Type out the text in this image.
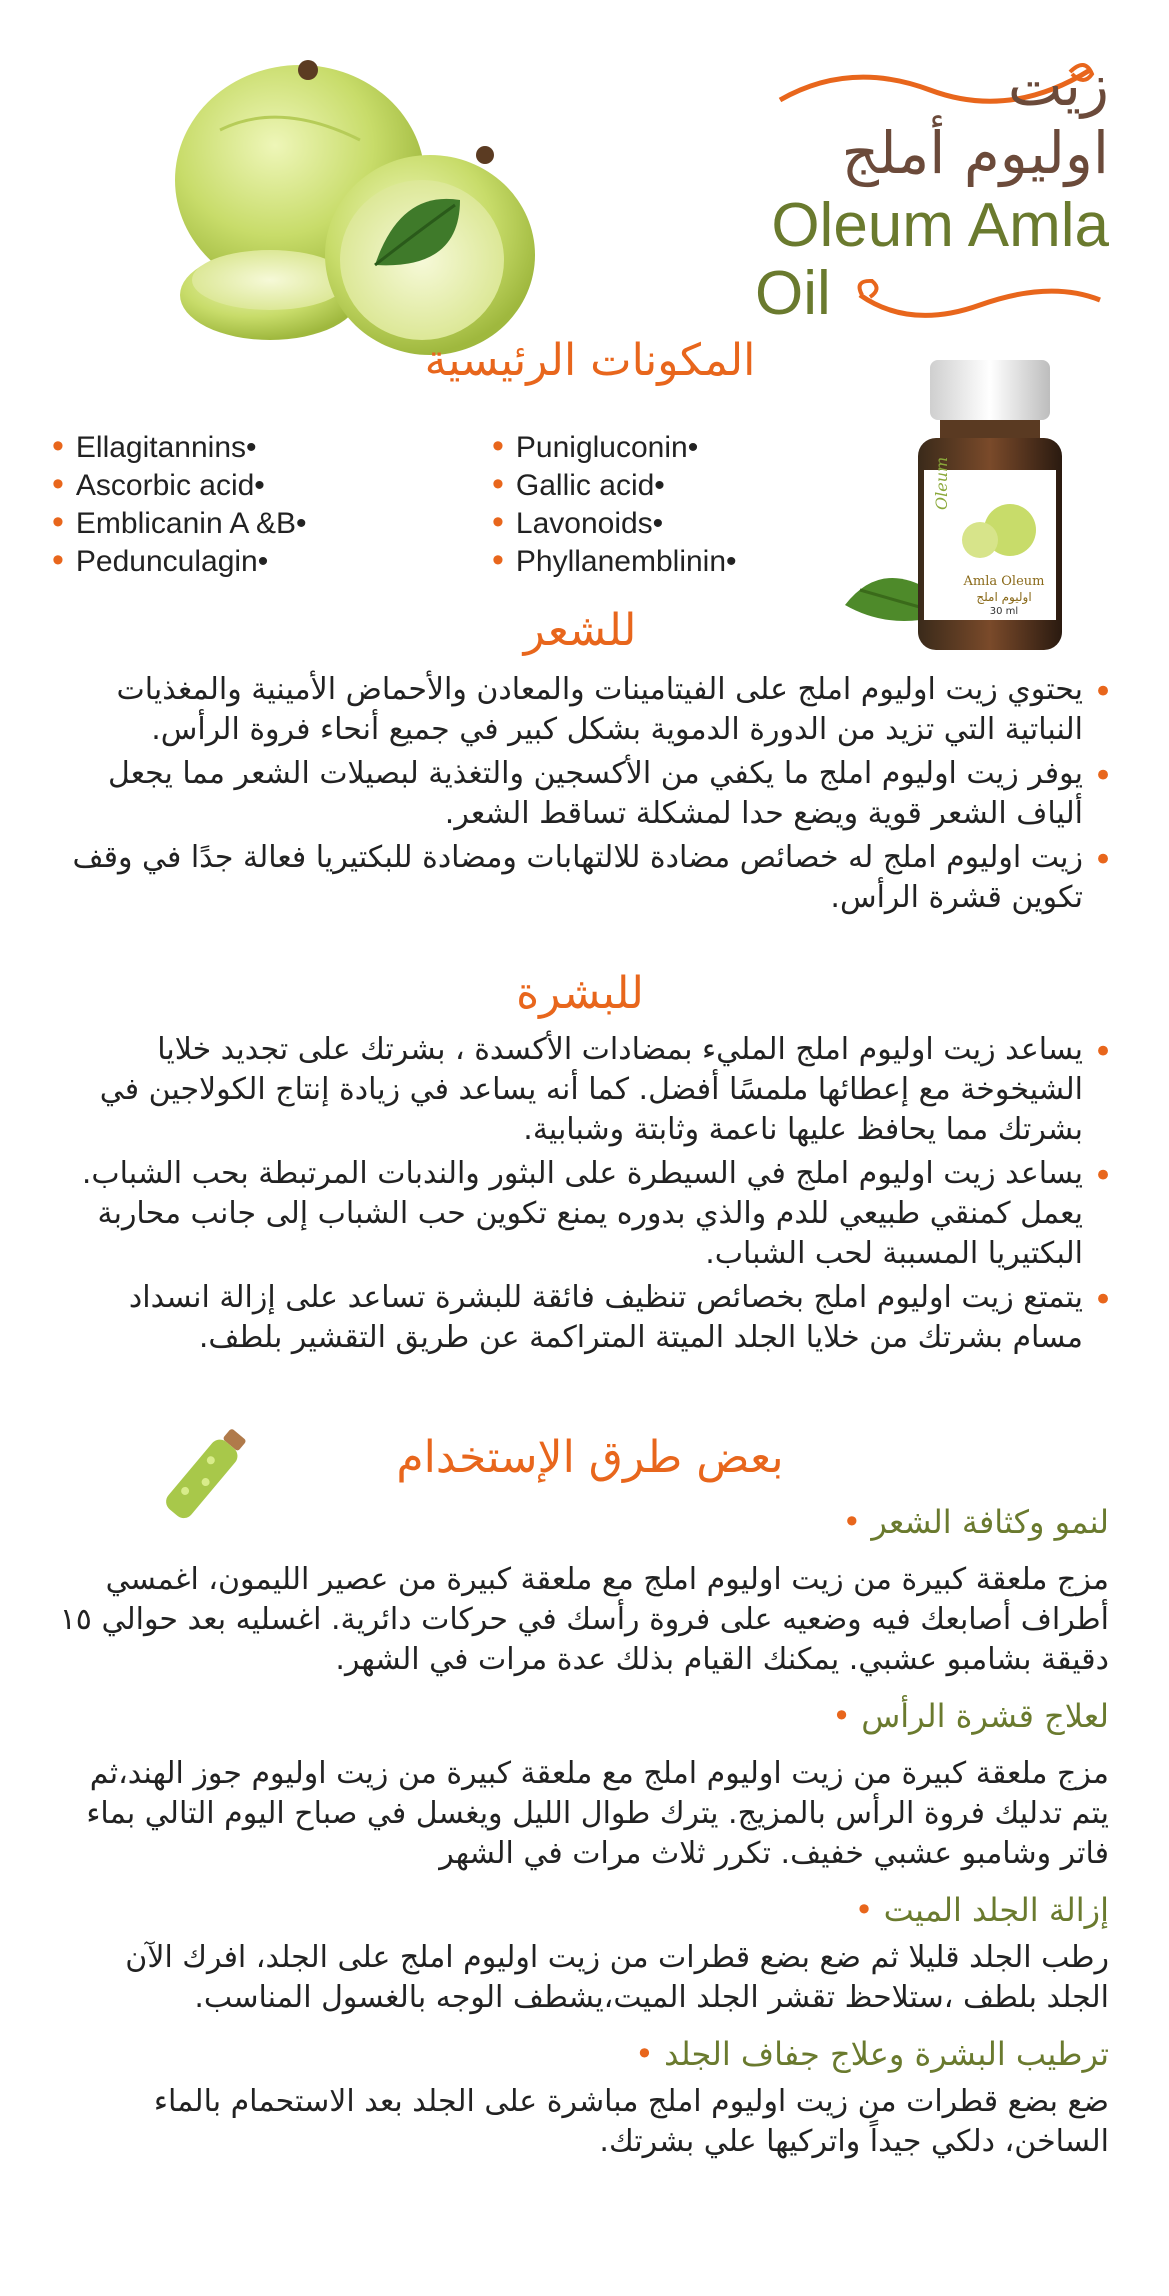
زيت
اوليوم أملج
Oleum Amla
Oil
المكونات الرئيسية
• Ellagitannins•
• Ascorbic acid•
• Emblicanin A &B•
• Pedunculagin•
• Punigluconin•
• Gallic acid•
• Lavonoids•
• Phyllanemblinin•
Oleum
Amla Oleum
اوليوم املج
30 ml
للشعر
يحتوي زيت اوليوم املج على الفيتامينات والمعادن والأحماض الأمينية والمغذيات النباتية التي تزيد من الدورة الدموية بشكل كبير في جميع أنحاء فروة الرأس. •
يوفر زيت اوليوم املج ما يكفي من الأكسجين والتغذية لبصيلات الشعر مما يجعل ألياف الشعر قوية ويضع حدا لمشكلة تساقط الشعر. •
زيت اوليوم املج له خصائص مضادة للالتهابات ومضادة للبكتيريا فعالة جدًا في وقف تكوين قشرة الرأس. •
للبشرة
يساعد زيت اوليوم املج المليء بمضادات الأكسدة ، بشرتك على تجديد خلايا الشيخوخة مع إعطائها ملمسًا أفضل. كما أنه يساعد في زيادة إنتاج الكولاجين في بشرتك مما يحافظ عليها ناعمة وثابتة وشبابية. •
يساعد زيت اوليوم املج في السيطرة على البثور والندبات المرتبطة بحب الشباب. يعمل كمنقي طبيعي للدم والذي بدوره يمنع تكوين حب الشباب إلى جانب محاربة البكتيريا المسببة لحب الشباب. •
يتمتع زيت اوليوم املج بخصائص تنظيف فائقة للبشرة تساعد على إزالة انسداد مسام بشرتك من خلايا الجلد الميتة المتراكمة عن طريق التقشير بلطف. •
بعض طرق الإستخدام
لنمو وكثافة الشعر •
مزج ملعقة كبيرة من زيت اوليوم املج مع ملعقة كبيرة من عصير الليمون، اغمسي أطراف أصابعك فيه وضعيه على فروة رأسك في حركات دائرية. اغسليه بعد حوالي ١٥ دقيقة بشامبو عشبي. يمكنك القيام بذلك عدة مرات في الشهر.
لعلاج قشرة الرأس •
مزج ملعقة كبيرة من زيت اوليوم املج مع ملعقة كبيرة من زيت اوليوم جوز الهند،ثم يتم تدليك فروة الرأس بالمزيج. يترك طوال الليل ويغسل في صباح اليوم التالي بماء فاتر وشامبو عشبي خفيف. تكرر ثلاث مرات في الشهر
إزالة الجلد الميت •
رطب الجلد قليلا ثم ضع بضع قطرات من زيت اوليوم املج على الجلد، افرك الآن الجلد بلطف ،ستلاحظ تقشر الجلد الميت،يشطف الوجه بالغسول المناسب.
ترطيب البشرة وعلاج جفاف الجلد •
ضع بضع قطرات من زيت اوليوم املج مباشرة على الجلد بعد الاستحمام بالماء الساخن، دلكي جيداً واتركيها علي بشرتك.
